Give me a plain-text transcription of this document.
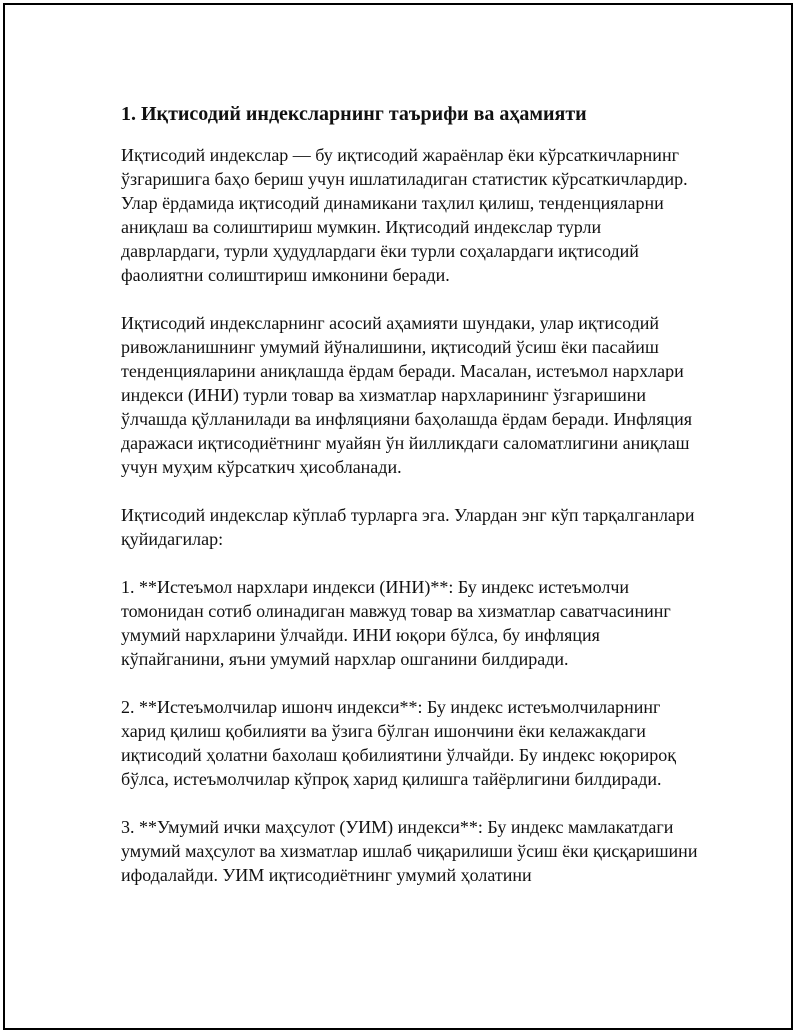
1. Иқтисодий индексларнинг таърифи ва аҳамияти

Иқтисодий индекслар — бу иқтисодий жараёнлар ёки кўрсаткичларнинг ўзгаришига баҳо бериш учун ишлатиладиган статистик кўрсаткичлардир. Улар ёрдамида иқтисодий динамикани таҳлил қилиш, тенденцияларни аниқлаш ва солиштириш мумкин. Иқтисодий индекслар турли даврлардаги, турли ҳудудлардаги ёки турли соҳалардаги иқтисодий фаолиятни солиштириш имконини беради.

Иқтисодий индексларнинг асосий аҳамияти шундаки, улар иқтисодий ривожланишнинг умумий йўналишини, иқтисодий ўсиш ёки пасайиш тенденцияларини аниқлашда ёрдам беради. Масалан, истеъмол нархлари индекси (ИНИ) турли товар ва хизматлар нархларининг ўзгаришини ўлчашда қўлланилади ва инфляцияни баҳолашда ёрдам беради. Инфляция даражаси иқтисодиётнинг муайян ўн йилликдаги саломатлигини аниқлаш учун муҳим кўрсаткич ҳисобланади.

Иқтисодий индекслар кўплаб турларга эга. Улардан энг кўп тарқалганлари қуйидагилар:

1. **Истеъмол нархлари индекси (ИНИ)**: Бу индекс истеъмолчи томонидан сотиб олинадиган мавжуд товар ва хизматлар саватчасининг умумий нархларини ўлчайди. ИНИ юқори бўлса, бу инфляция кўпайганини, яъни умумий нархлар ошганини билдиради.

2. **Истеъмолчилар ишонч индекси**: Бу индекс истеъмолчиларнинг харид қилиш қобилияти ва ўзига бўлган ишончини ёки келажакдаги иқтисодий ҳолатни бахолаш қобилиятини ўлчайди. Бу индекс юқорироқ бўлса, истеъмолчилар кўпроқ харид қилишга тайёрлигини билдиради.

3. **Умумий ички маҳсулот (УИМ) индекси**: Бу индекс мамлакатдаги умумий маҳсулот ва хизматлар ишлаб чиқарилиши ўсиш ёки қисқаришини ифодалайди. УИМ иқтисодиётнинг умумий ҳолатини
